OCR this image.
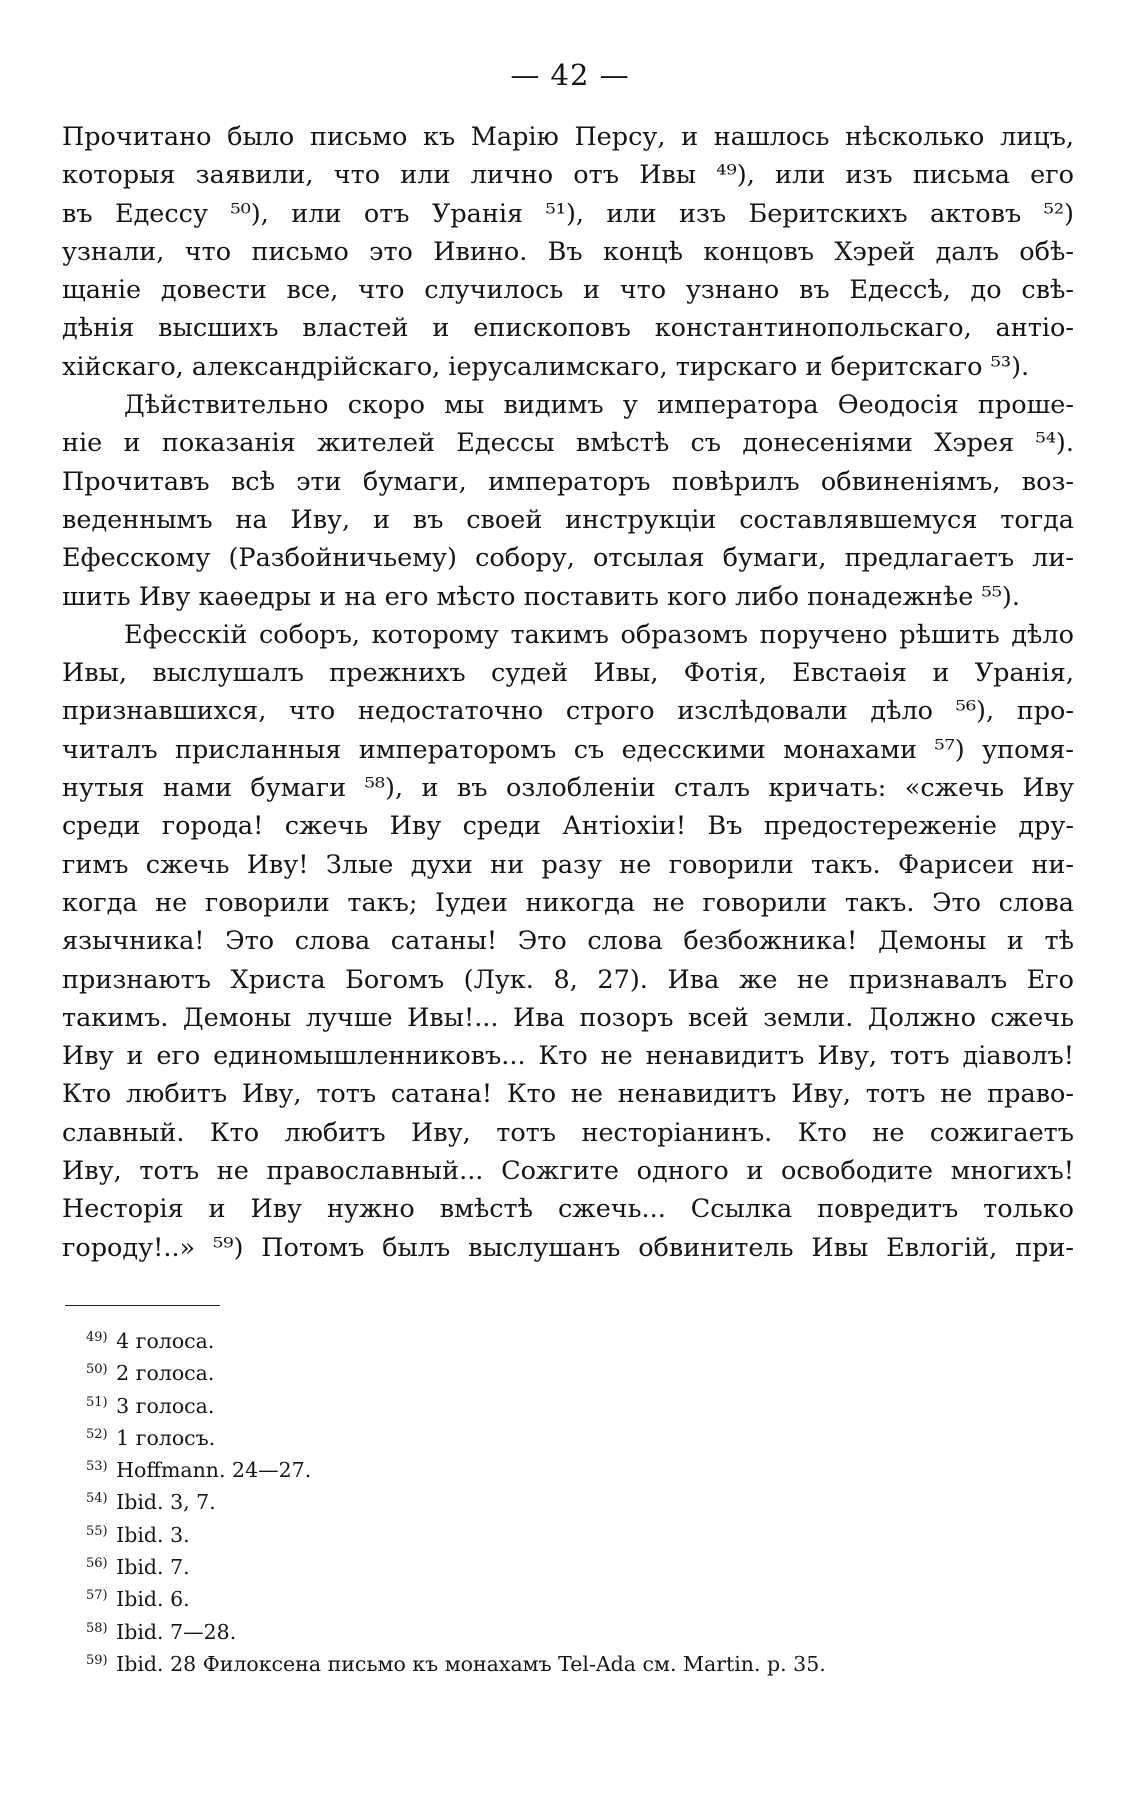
— 42 —
Прочитано было письмо къ Марію Персу, и нашлось нѣсколько лицъ,
которыя заявили, что или лично отъ Ивы ⁴⁹), или изъ письма его
въ Едессу ⁵⁰), или отъ Уранія ⁵¹), или изъ Беритскихъ актовъ ⁵²)
узнали, что письмо это Ивино. Въ концѣ концовъ Хэрей далъ обѣ-
щаніе довести все, что случилось и что узнано въ Едессѣ, до свѣ-
дѣнія высшихъ властей и епископовъ константинопольскаго, антіо-
хійскаго, александрійскаго, іерусалимскаго, тирскаго и беритскаго ⁵³).
Дѣйствительно скоро мы видимъ у императора Ѳеодосія проше-
ніе и показанія жителей Едессы вмѣстѣ съ донесеніями Хэрея ⁵⁴).
Прочитавъ всѣ эти бумаги, императоръ повѣрилъ обвиненіямъ, воз-
веденнымъ на Иву, и въ своей инструкціи составлявшемуся тогда
Ефесскому (Разбойничьему) собору, отсылая бумаги, предлагаетъ ли-
шить Иву каѳедры и на его мѣсто поставить кого либо понадежнѣе ⁵⁵).
Ефесскій соборъ, которому такимъ образомъ поручено рѣшить дѣло
Ивы, выслушалъ прежнихъ судей Ивы, Фотія, Евстаѳія и Уранія,
признавшихся, что недостаточно строго изслѣдовали дѣло ⁵⁶), про-
читалъ присланныя императоромъ съ едесскими монахами ⁵⁷) упомя-
нутыя нами бумаги ⁵⁸), и въ озлобленіи сталъ кричать: «сжечь Иву
среди города! сжечь Иву среди Антіохіи! Въ предостереженіе дру-
гимъ сжечь Иву! Злые духи ни разу не говорили такъ. Фарисеи ни-
когда не говорили такъ; Іудеи никогда не говорили такъ. Это слова
язычника! Это слова сатаны! Это слова безбожника! Демоны и тѣ
признаютъ Христа Богомъ (Лук. 8, 27). Ива же не признавалъ Его
такимъ. Демоны лучше Ивы!... Ива позоръ всей земли. Должно сжечь
Иву и его единомышленниковъ... Кто не ненавидитъ Иву, тотъ діаволъ!
Кто любитъ Иву, тотъ сатана! Кто не ненавидитъ Иву, тотъ не право-
славный. Кто любитъ Иву, тотъ несторіанинъ. Кто не сожигаетъ
Иву, тотъ не православный... Сожгите одного и освободите многихъ!
Несторія и Иву нужно вмѣстѣ сжечь... Ссылка повредитъ только
городу!..» ⁵⁹) Потомъ былъ выслушанъ обвинитель Ивы Евлогій, при-
49) 4 голоса.
50) 2 голоса.
51) 3 голоса.
52) 1 голосъ.
53) Hoffmann. 24—27.
54) Ibid. 3, 7.
55) Ibid. 3.
56) Ibid. 7.
57) Ibid. 6.
58) Ibid. 7—28.
59) Ibid. 28 Филоксена письмо къ монахамъ Tel-Ada см. Martin. p. 35.
